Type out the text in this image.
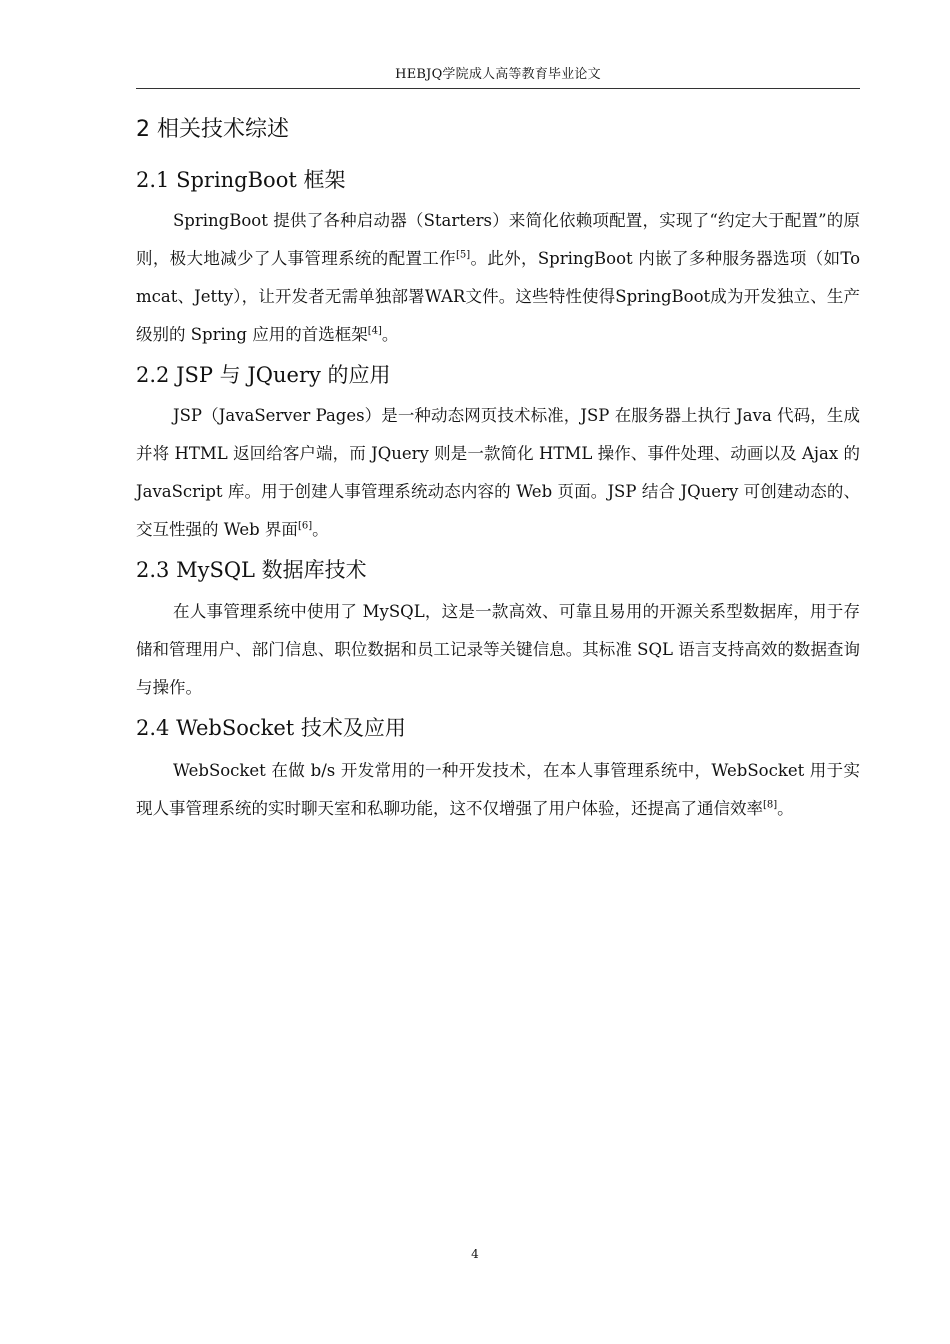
HEBJQ学院成人高等教育毕业论文
2 相关技术综述
2.1 SpringBoot 框架

SpringBoot 提供了各种启动器（Starters）来简化依赖项配置，实现了“约定大于配置”的原则，极大地减少了人事管理系统的配置工作[5]。此外，SpringBoot 内嵌了多种服务器选项（如Tomcat、Jetty），让开发者无需单独部署WAR文件。这些特性使得SpringBoot成为开发独立、生产级别的 Spring 应用的首选框架[4]。

2.2 JSP 与 JQuery 的应用

JSP（JavaServer Pages）是一种动态网页技术标准，JSP 在服务器上执行 Java 代码，生成并将 HTML 返回给客户端，而 JQuery 则是一款简化 HTML 操作、事件处理、动画以及 Ajax 的 JavaScript 库。用于创建人事管理系统动态内容的 Web 页面。JSP 结合 JQuery 可创建动态的、交互性强的 Web 界面[6]。

2.3 MySQL 数据库技术

在人事管理系统中使用了 MySQL，这是一款高效、可靠且易用的开源关系型数据库，用于存储和管理用户、部门信息、职位数据和员工记录等关键信息。其标准 SQL 语言支持高效的数据查询与操作。

2.4 WebSocket 技术及应用

WebSocket 在做 b/s 开发常用的一种开发技术，在本人事管理系统中，WebSocket 用于实现人事管理系统的实时聊天室和私聊功能，这不仅增强了用户体验，还提高了通信效率[8]。

4
